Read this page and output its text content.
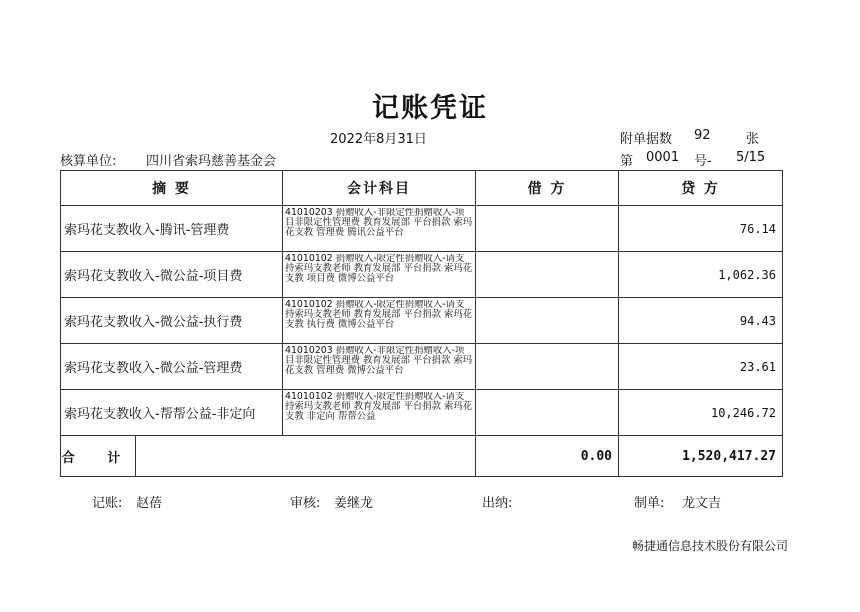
记账凭证
2022年8月31日	附单据数 92	张
核算单位: 四川省索玛慈善基金会	第 0001 号- 5/15
摘 要	会计科目	借 方	贷 方
索玛花支教收入-腾讯-管理费	41010203 捐赠收入-非限定性捐赠收入-项目非限定性管理费 教育发展部 平台捐款 索玛花支教 管理费 腾讯公益平台		76.14
索玛花支教收入-微公益-项目费	41010102 捐赠收入-限定性捐赠收入-请支持索玛支教老师 教育发展部 平台捐款 索玛花支教 项目费 微博公益平台		1,062.36
索玛花支教收入-微公益-执行费	41010102 捐赠收入-限定性捐赠收入-请支持索玛支教老师 教育发展部 平台捐款 索玛花支教 执行费 微博公益平台		94.43
索玛花支教收入-微公益-管理费	41010203 捐赠收入-非限定性捐赠收入-项目非限定性管理费 教育发展部 平台捐款 索玛花支教 管理费 微博公益平台		23.61
索玛花支教收入-帮帮公益-非定向	41010102 捐赠收入-限定性捐赠收入-请支持索玛支教老师 教育发展部 平台捐款 索玛花支教 非定向 帮帮公益		10,246.72

合 计		0.00	1,520,417.27
记账: 赵蓓	审核: 姜继龙	出纳:	制单: 龙文吉
畅捷通信息技术股份有限公司
